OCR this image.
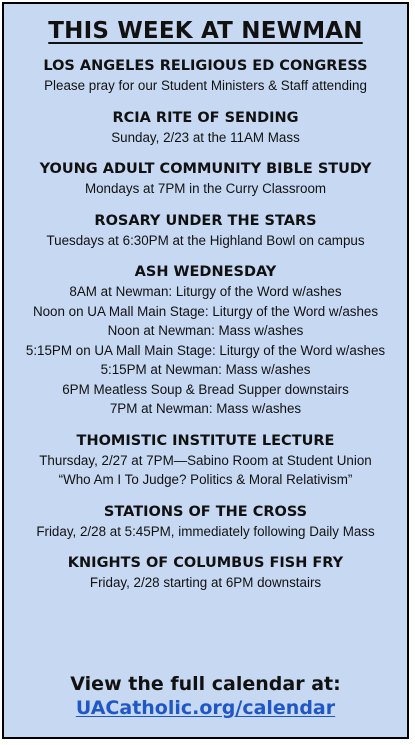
THIS WEEK AT NEWMAN
LOS ANGELES RELIGIOUS ED CONGRESS
Please pray for our Student Ministers & Staff attending
RCIA RITE OF SENDING
Sunday, 2/23 at the 11AM Mass
YOUNG ADULT COMMUNITY BIBLE STUDY
Mondays at 7PM in the Curry Classroom
ROSARY UNDER THE STARS
Tuesdays at 6:30PM at the Highland Bowl on campus
ASH WEDNESDAY
8AM at Newman: Liturgy of the Word w/ashes
Noon on UA Mall Main Stage: Liturgy of the Word w/ashes
Noon at Newman: Mass w/ashes
5:15PM on UA Mall Main Stage: Liturgy of the Word w/ashes
5:15PM at Newman: Mass w/ashes
6PM Meatless Soup & Bread Supper downstairs
7PM at Newman: Mass w/ashes
THOMISTIC INSTITUTE LECTURE
Thursday, 2/27 at 7PM—Sabino Room at Student Union
“Who Am I To Judge? Politics & Moral Relativism”
STATIONS OF THE CROSS
Friday, 2/28 at 5:45PM, immediately following Daily Mass
KNIGHTS OF COLUMBUS FISH FRY
Friday, 2/28 starting at 6PM downstairs
View the full calendar at:
UACatholic.org/calendar
